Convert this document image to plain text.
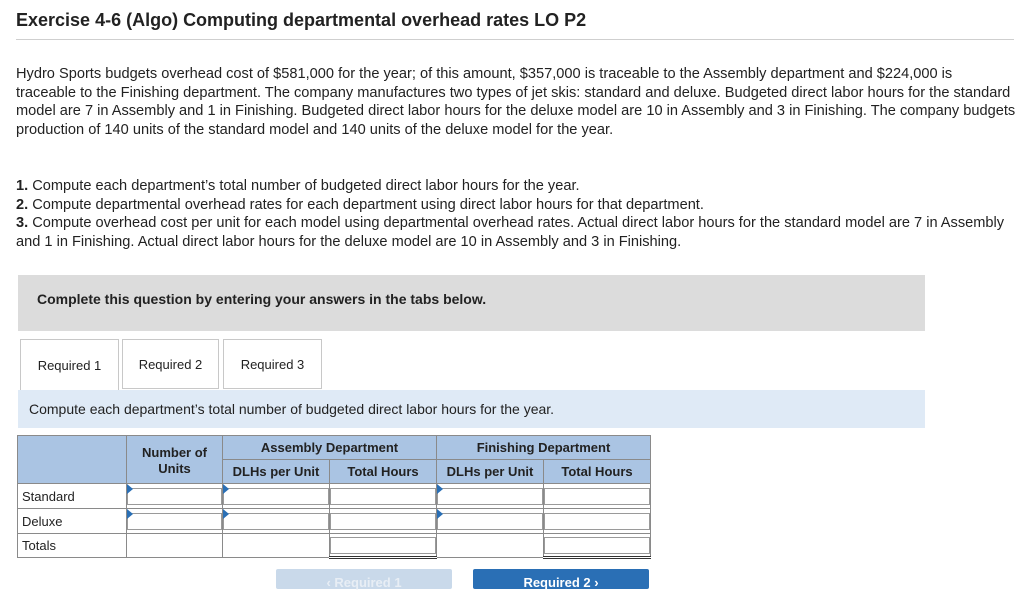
Exercise 4-6 (Algo) Computing departmental overhead rates LO P2
Hydro Sports budgets overhead cost of $581,000 for the year; of this amount, $357,000 is traceable to the Assembly department and $224,000 is traceable to the Finishing department. The company manufactures two types of jet skis: standard and deluxe. Budgeted direct labor hours for the standard model are 7 in Assembly and 1 in Finishing. Budgeted direct labor hours for the deluxe model are 10 in Assembly and 3 in Finishing. The company budgets production of 140 units of the standard model and 140 units of the deluxe model for the year.

1. Compute each department’s total number of budgeted direct labor hours for the year.

2. Compute departmental overhead rates for each department using direct labor hours for that department.

3. Compute overhead cost per unit for each model using departmental overhead rates. Actual direct labor hours for the standard model are 7 in Assembly and 1 in Finishing. Actual direct labor hours for the deluxe model are 10 in Assembly and 3 in Finishing.

Complete this question by entering your answers in the tabs below.
Required 1	Required 2	Required 3
Compute each department’s total number of budgeted direct labor hours for the year.
	Number of Units	Assembly Department		Finishing Department	
		DLHs per Unit	Total Hours	DLHs per Unit	Total Hours
Standard	

Deluxe	

Totals					
‹ Required 1	Required 2 ›
